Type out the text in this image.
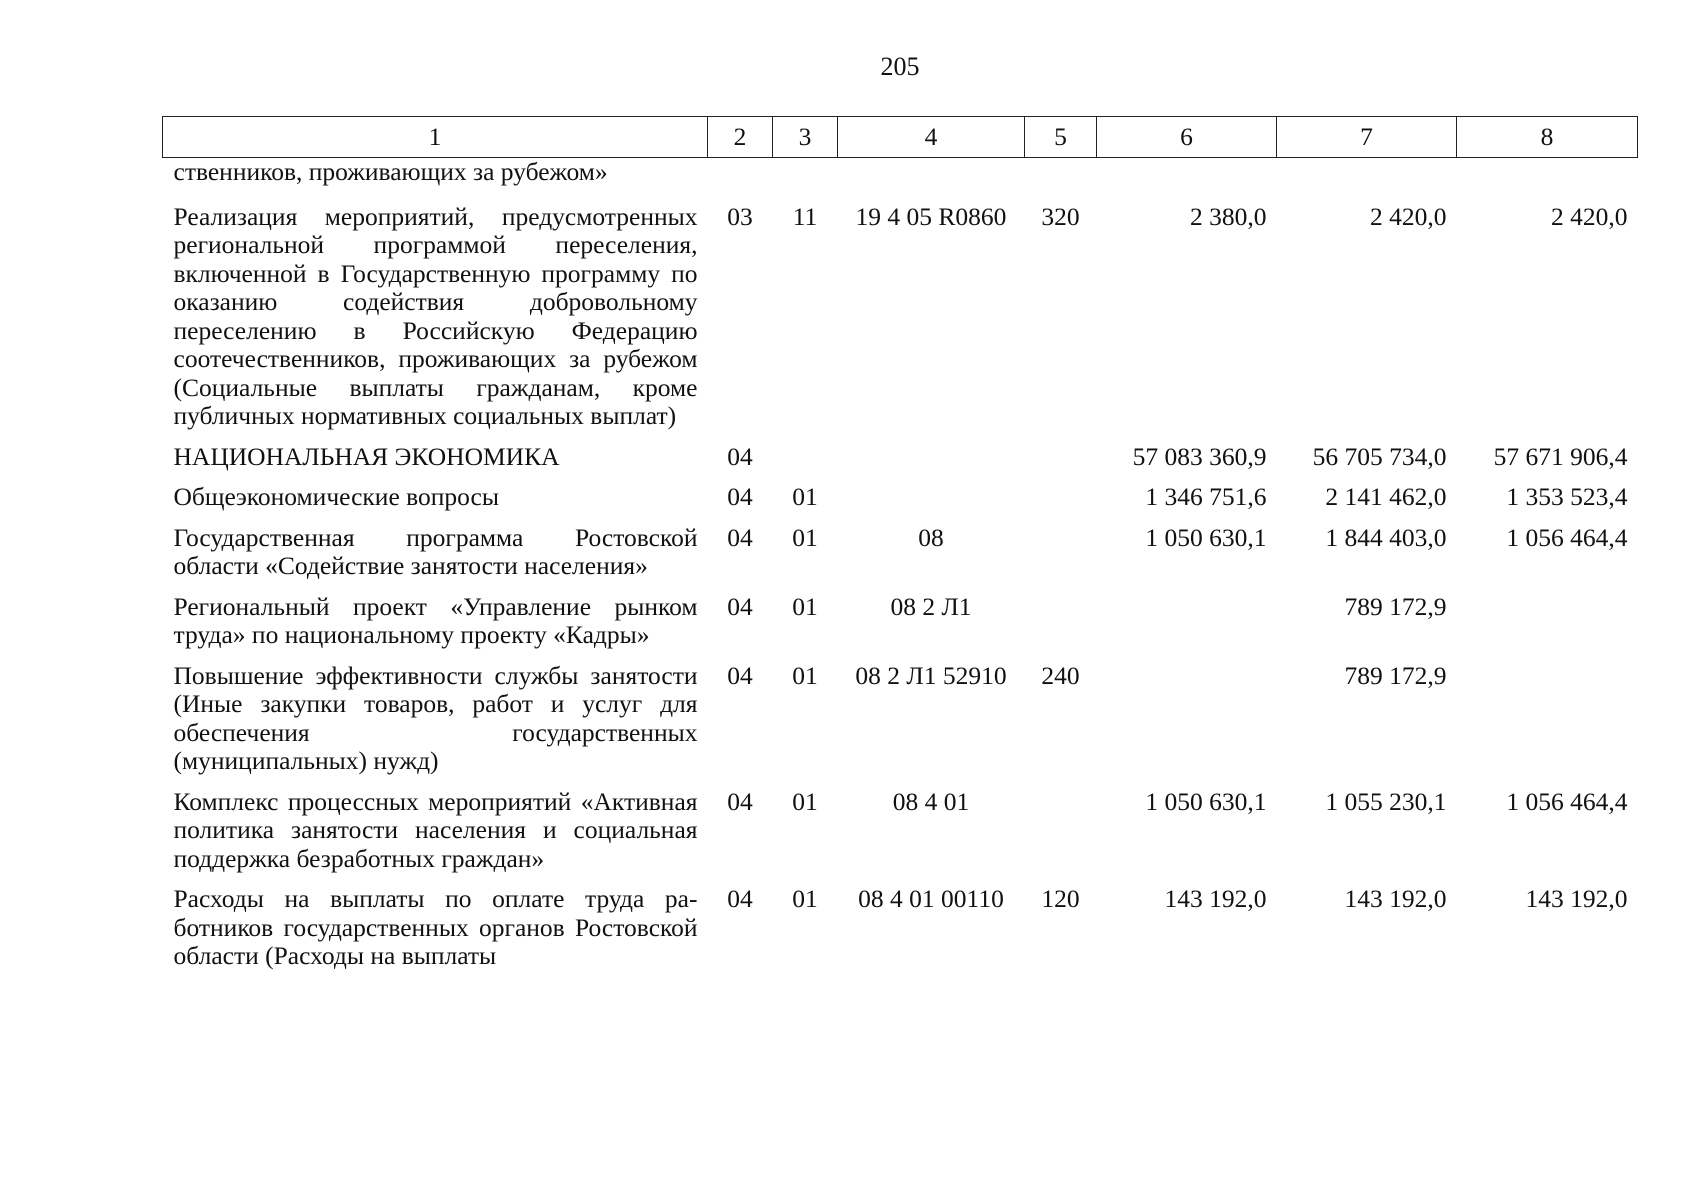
205
1	2	3	4	5	6	7	8
ственников, проживающих за рубежом»							
Реализация мероприятий, предусмотренных региональной программой переселения, включенной в Государственную программу по оказанию содействия добровольному переселению в Российскую Федерацию соотечественников, проживающих за рубежом (Социальные выплаты гражданам, кроме публичных нормативных социальных выплат)	03	11	19 4 05 R0860	320	2 380,0	2 420,0	2 420,0
НАЦИОНАЛЬНАЯ ЭКОНОМИКА	04				57 083 360,9	56 705 734,0	57 671 906,4
Общеэкономические вопросы	04	01			1 346 751,6	2 141 462,0	1 353 523,4
Государственная программа Ростовской области «Содействие занятости населения»	04	01	08		1 050 630,1	1 844 403,0	1 056 464,4
Региональный проект «Управление рынком труда» по национальному проекту «Кадры»	04	01	08 2 Л1			789 172,9	
Повышение эффективности службы занятости (Иные закупки товаров, работ и услуг для обеспечения государственных (муниципальных) нужд)	04	01	08 2 Л1 52910	240		789 172,9	
Комплекс процессных мероприятий «Активная политика занятости населения и социальная поддержка безработных граждан»	04	01	08 4 01		1 050 630,1	1 055 230,1	1 056 464,4
Расходы на выплаты по оплате труда работников государственных органов Ростовской области (Расходы на выплаты	04	01	08 4 01 00110	120	143 192,0	143 192,0	143 192,0
